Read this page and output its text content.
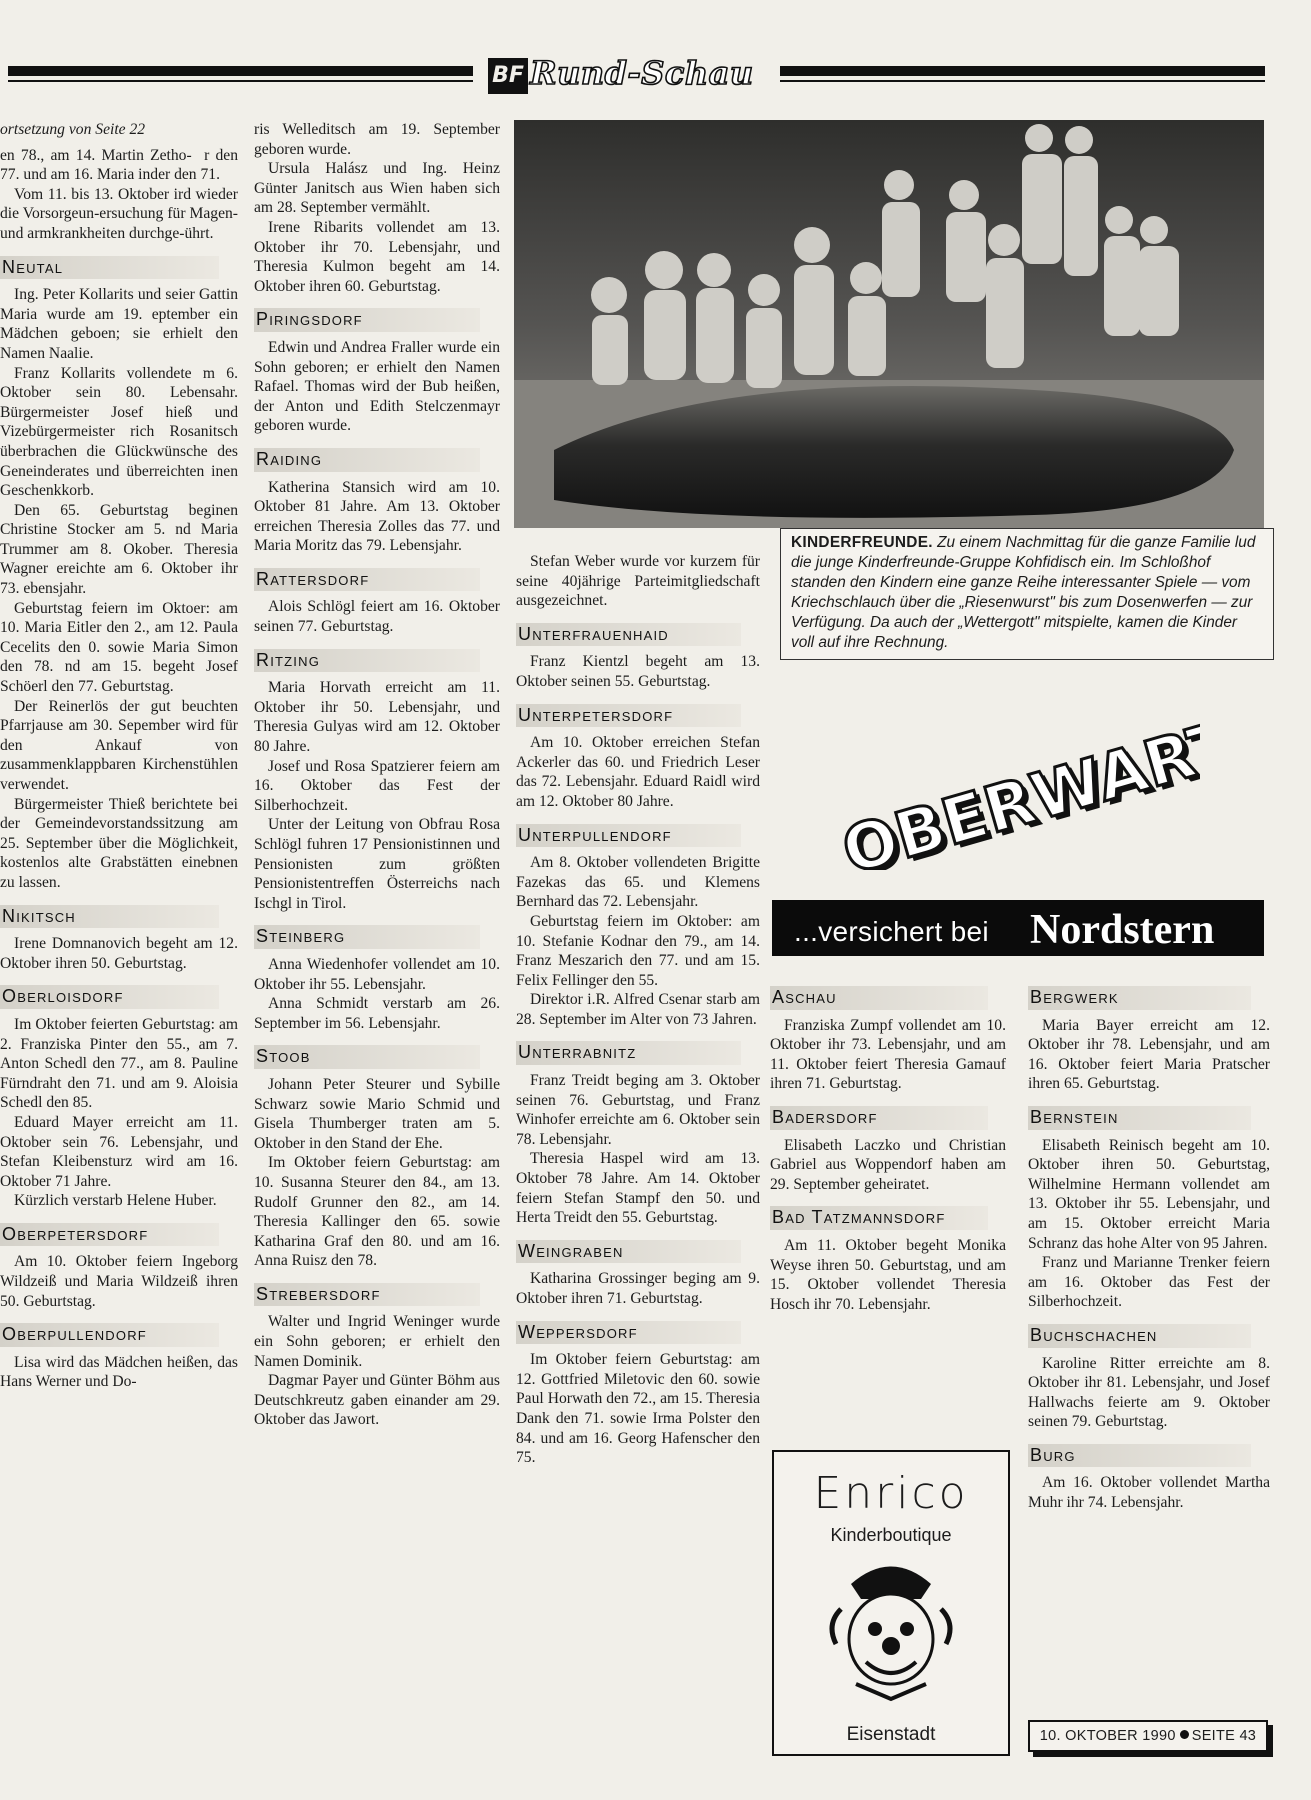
BF Rund-Schau

ortsetzung von Seite 22

en 78., am 14. Martin Zetho-  r den 77. und am 16. Maria inder den 71.

Vom 11. bis 13. Oktober ird wieder die Vorsorgeun-ersuchung für Magen- und armkrankheiten durchge-ührt.

Neutal

Ing. Peter Kollarits und seier Gattin Maria wurde am 19. eptember ein Mädchen geboen; sie erhielt den Namen Naalie.

Franz Kollarits vollendete m 6. Oktober sein 80. Lebensahr. Bürgermeister Josef hieß und Vizebürgermeister rich Rosanitsch überbrachen die Glückwünsche des Geneinderates und überreichten inen Geschenkkorb.

Den 65. Geburtstag beginen Christine Stocker am 5. nd Maria Trummer am 8. Okober. Theresia Wagner ereichte am 6. Oktober ihr 73. ebensjahr.

Geburtstag feiern im Oktoer: am 10. Maria Eitler den 2., am 12. Paula Cecelits den 0. sowie Maria Simon den 78. nd am 15. begeht Josef Schöerl den 77. Geburtstag.

Der Reinerlös der gut beuchten Pfarrjause am 30. Sepember wird für den Ankauf von zusammenklappbaren Kirchenstühlen verwendet.

Bürgermeister Thieß berichtete bei der Gemeindevorstandssitzung am 25. September über die Möglichkeit, kostenlos alte Grabstätten einebnen zu lassen.

Nikitsch

Irene Domnanovich begeht am 12. Oktober ihren 50. Geburtstag.

Oberloisdorf

Im Oktober feierten Geburtstag: am 2. Franziska Pinter den 55., am 7. Anton Schedl den 77., am 8. Pauline Fürndraht den 71. und am 9. Aloisia Schedl den 85.

Eduard Mayer erreicht am 11. Oktober sein 76. Lebensjahr, und Stefan Kleibensturz wird am 16. Oktober 71 Jahre.

Kürzlich verstarb Helene Huber.

Oberpetersdorf

Am 10. Oktober feiern Ingeborg Wildzeiß und Maria Wildzeiß ihren 50. Geburtstag.

Oberpullendorf

Lisa wird das Mädchen heißen, das Hans Werner und Do-

ris Welleditsch am 19. September geboren wurde.

Ursula Halász und Ing. Heinz Günter Janitsch aus Wien haben sich am 28. September vermählt.

Irene Ribarits vollendet am 13. Oktober ihr 70. Lebensjahr, und Theresia Kulmon begeht am 14. Oktober ihren 60. Geburtstag.

Piringsdorf

Edwin und Andrea Fraller wurde ein Sohn geboren; er erhielt den Namen Rafael. Thomas wird der Bub heißen, der Anton und Edith Stelczenmayr geboren wurde.

Raiding

Katherina Stansich wird am 10. Oktober 81 Jahre. Am 13. Oktober erreichen Theresia Zolles das 77. und Maria Moritz das 79. Lebensjahr.

Rattersdorf

Alois Schlögl feiert am 16. Oktober seinen 77. Geburtstag.

Ritzing

Maria Horvath erreicht am 11. Oktober ihr 50. Lebensjahr, und Theresia Gulyas wird am 12. Oktober 80 Jahre.

Josef und Rosa Spatzierer feiern am 16. Oktober das Fest der Silberhochzeit.

Unter der Leitung von Obfrau Rosa Schlögl fuhren 17 Pensionistinnen und Pensionisten zum größten Pensionistentreffen Österreichs nach Ischgl in Tirol.

Steinberg

Anna Wiedenhofer vollendet am 10. Oktober ihr 55. Lebensjahr.

Anna Schmidt verstarb am 26. September im 56. Lebensjahr.

Stoob

Johann Peter Steurer und Sybille Schwarz sowie Mario Schmid und Gisela Thumberger traten am 5. Oktober in den Stand der Ehe.

Im Oktober feiern Geburtstag: am 10. Susanna Steurer den 84., am 13. Rudolf Grunner den 82., am 14. Theresia Kallinger den 65. sowie Katharina Graf den 80. und am 16. Anna Ruisz den 78.

Strebersdorf

Walter und Ingrid Weninger wurde ein Sohn geboren; er erhielt den Namen Dominik.

Dagmar Payer und Günter Böhm aus Deutschkreutz gaben einander am 29. Oktober das Jawort.

KINDERFREUNDE. Zu einem Nachmittag für die ganze Familie lud die junge Kinderfreunde-Gruppe Kohfidisch ein. Im Schloßhof standen den Kindern eine ganze Reihe interessanter Spiele — vom Kriechschlauch über die „Riesenwurst" bis zum Dosenwerfen — zur Verfügung. Da auch der „Wettergott" mitspielte, kamen die Kinder voll auf ihre Rechnung.

Stefan Weber wurde vor kurzem für seine 40jährige Parteimitgliedschaft ausgezeichnet.

Unterfrauenhaid

Franz Kientzl begeht am 13. Oktober seinen 55. Geburtstag.

Unterpetersdorf

Am 10. Oktober erreichen Stefan Ackerler das 60. und Friedrich Leser das 72. Lebensjahr. Eduard Raidl wird am 12. Oktober 80 Jahre.

Unterpullendorf

Am 8. Oktober vollendeten Brigitte Fazekas das 65. und Klemens Bernhard das 72. Lebensjahr.

Geburtstag feiern im Oktober: am 10. Stefanie Kodnar den 79., am 14. Franz Meszarich den 77. und am 15. Felix Fellinger den 55.

Direktor i.R. Alfred Csenar starb am 28. September im Alter von 73 Jahren.

Unterrabnitz

Franz Treidt beging am 3. Oktober seinen 76. Geburtstag, und Franz Winhofer erreichte am 6. Oktober sein 78. Lebensjahr.

Theresia Haspel wird am 13. Oktober 78 Jahre. Am 14. Oktober feiern Stefan Stampf den 50. und Herta Treidt den 55. Geburtstag.

Weingraben

Katharina Grossinger beging am 9. Oktober ihren 71. Geburtstag.

Weppersdorf

Im Oktober feiern Geburtstag: am 12. Gottfried Miletovic den 60. sowie Paul Horwath den 72., am 15. Theresia Dank den 71. sowie Irma Polster den 84. und am 16. Georg Hafenscher den 75.

OBERWART
OBERWART
...versichert bei Nordstern
Aschau

Franziska Zumpf vollendet am 10. Oktober ihr 73. Lebensjahr, und am 11. Oktober feiert Theresia Gamauf ihren 71. Geburtstag.

Badersdorf

Elisabeth Laczko und Christian Gabriel aus Woppendorf haben am 29. September geheiratet.

Bad Tatzmannsdorf

Am 11. Oktober begeht Monika Weyse ihren 50. Geburtstag, und am 15. Oktober vollendet Theresia Hosch ihr 70. Lebensjahr.

Enrico
Kinderboutique
Eisenstadt
Bergwerk

Maria Bayer erreicht am 12. Oktober ihr 78. Lebensjahr, und am 16. Oktober feiert Maria Pratscher ihren 65. Geburtstag.

Bernstein

Elisabeth Reinisch begeht am 10. Oktober ihren 50. Geburtstag, Wilhelmine Hermann vollendet am 13. Oktober ihr 55. Lebensjahr, und am 15. Oktober erreicht Maria Schranz das hohe Alter von 95 Jahren.

Franz und Marianne Trenker feiern am 16. Oktober das Fest der Silberhochzeit.

Buchschachen

Karoline Ritter erreichte am 8. Oktober ihr 81. Lebensjahr, und Josef Hallwachs feierte am 9. Oktober seinen 79. Geburtstag.

Burg

Am 16. Oktober vollendet Martha Muhr ihr 74. Lebensjahr.

10. OKTOBER 1990 SEITE 43
